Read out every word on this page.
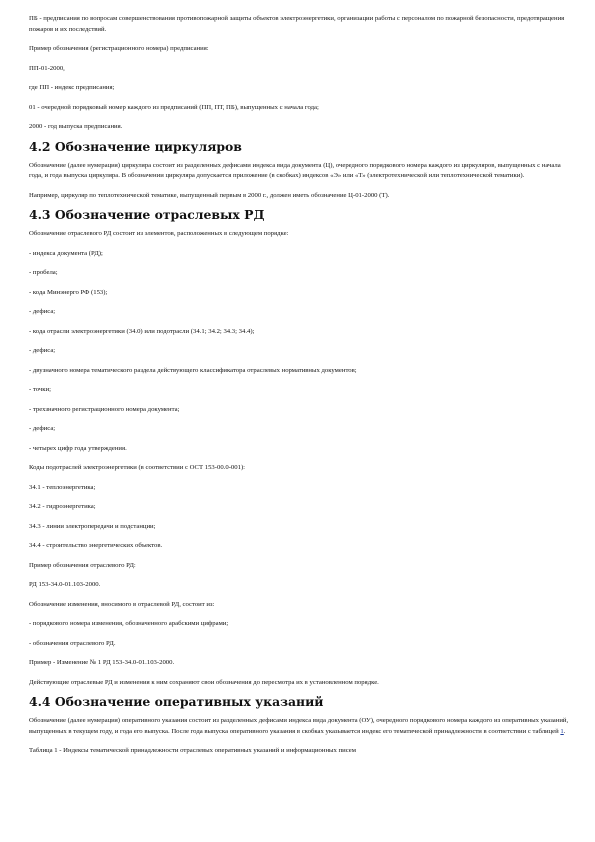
ПБ - предписания по вопросам совершенствования противопожарной защиты объектов электроэнергетики, организации работы с персоналом по пожарной безопасности, предотвращения пожаров и их последствий.

Пример обозначения (регистрационного номера) предписания:

ПП-01-2000,

где ПП - индекс предписания;

01 - очередной порядковый номер каждого из предписаний (ПП, ПТ, ПБ), выпущенных с начала года;

2000 - год выпуска предписания.

4.2 Обозначение циркуляров

Обозначение (далее нумерация) циркуляра состоит из разделенных дефисами индекса вида документа (Ц), очередного порядкового номера каждого из циркуляров, выпущенных с начала года, и года выпуска циркуляра. В обозначении циркуляра допускается приложение (в скобках) индексов «Э» или «Т» (электротехнической или теплотехнической тематики).

Например, циркуляр по теплотехнической тематике, выпущенный первым в 2000 г., должен иметь обозначение Ц-01-2000 (Т).

4.3 Обозначение отраслевых РД

Обозначение отраслевого РД состоит из элементов, расположенных в следующем порядке:

- индекса документа (РД);

- пробела;

- кода Минэнерго РФ (153);

- дефиса;

- кода отрасли электроэнергетики (34.0) или подотрасли (34.1; 34.2; 34.3; 34.4);

- дефиса;

- двузначного номера тематического раздела действующего классификатора отраслевых нормативных документов;

- точки;

- трехзначного регистрационного номера документа;

- дефиса;

- четырех цифр года утверждения.

Коды подотраслей электроэнергетики (в соответствии с ОСТ 153-00.0-001):

34.1 - теплоэнергетика;

34.2 - гидроэнергетика;

34.3 - линии электропередачи и подстанции;

34.4 - строительство энергетических объектов.

Пример обозначения отраслевого РД:

РД 153-34.0-01.103-2000.

Обозначение изменения, вносимого в отраслевой РД, состоит из:

- порядкового номера изменения, обозначенного арабскими цифрами;

- обозначения отраслевого РД.

Пример - Изменение № 1 РД 153-34.0-01.103-2000.

Действующие отраслевые РД и изменения к ним сохраняют свои обозначения до пересмотра их в установленном порядке.

4.4 Обозначение оперативных указаний

Обозначение (далее нумерация) оперативного указания состоит из разделенных дефисами индекса вида документа (ОУ), очередного порядкового номера каждого из оперативных указаний, выпущенных в текущем году, и года его выпуска. После года выпуска оперативного указания в скобках указывается индекс его тематической принадлежности в соответствии с таблицей 1.

Таблица 1 - Индексы тематической принадлежности отраслевых оперативных указаний и информационных писем
